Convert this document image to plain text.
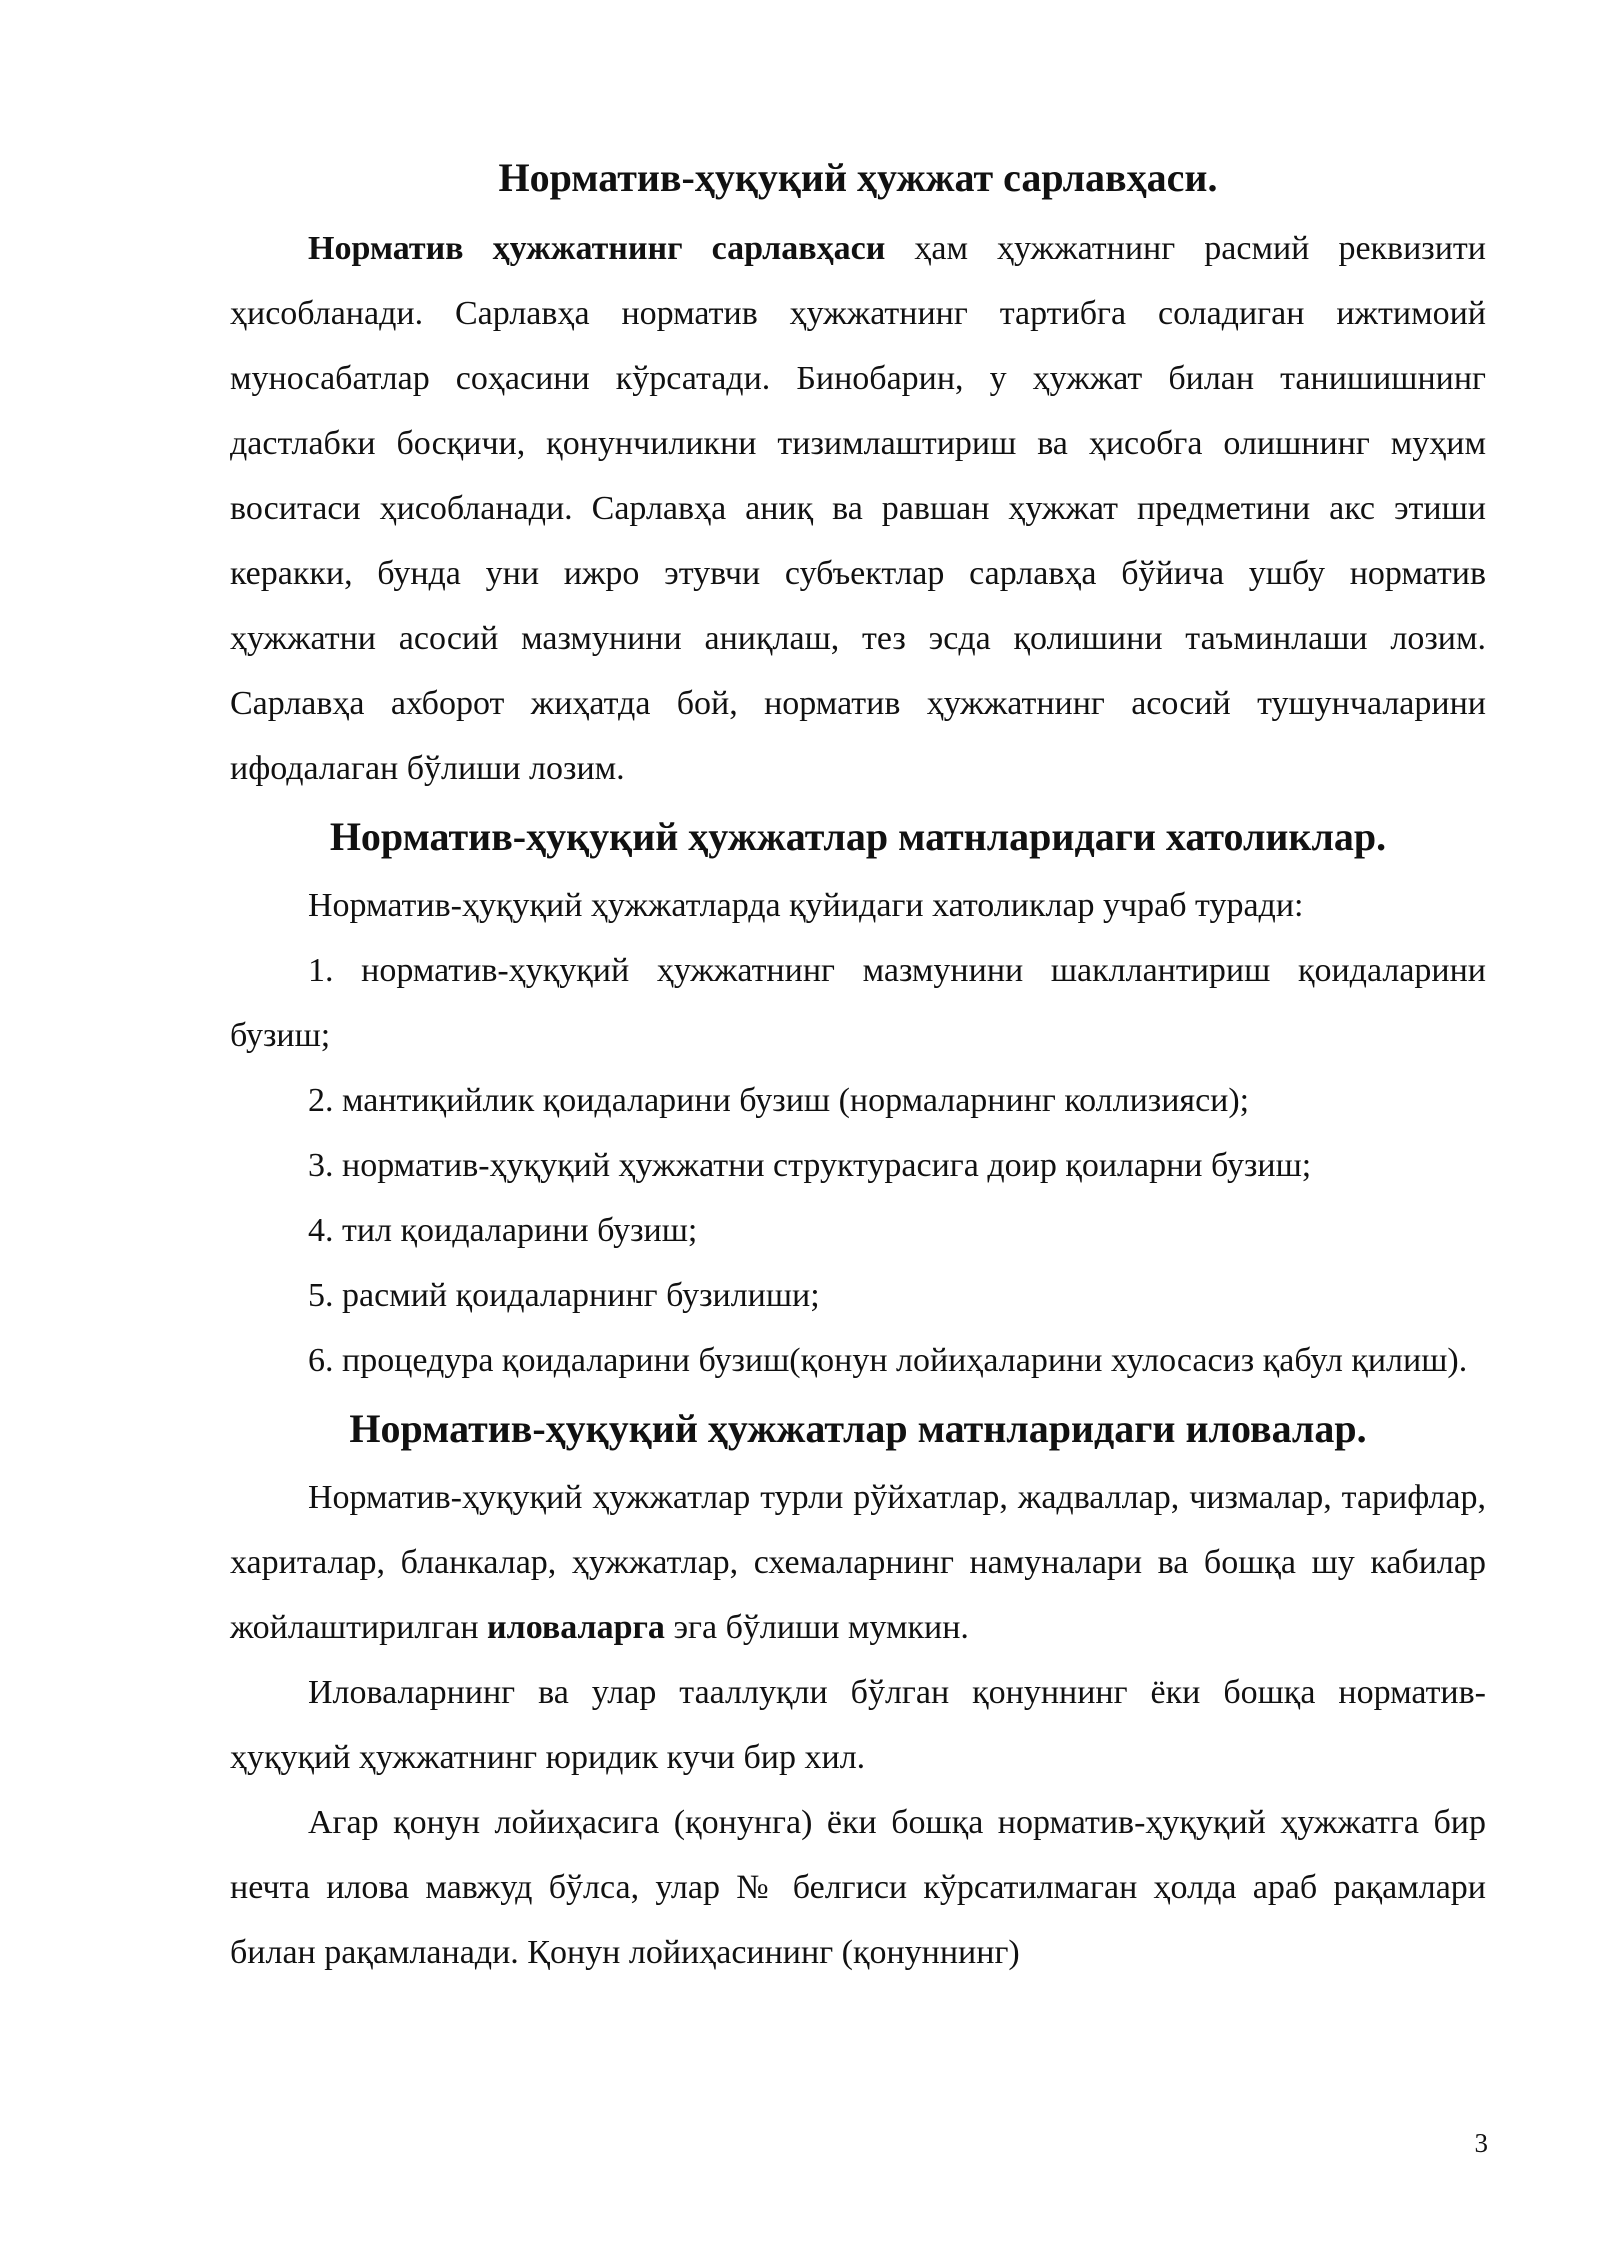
Норматив-ҳуқуқий ҳужжат сарлавҳаси.

Норматив ҳужжатнинг сарлавҳаси ҳам ҳужжатнинг расмий реквизити ҳисобланади. Сарлавҳа норматив ҳужжатнинг тартибга соладиган ижтимоий муносабатлар соҳасини кўрсатади. Бинобарин, у ҳужжат билан танишишнинг дастлабки босқичи, қонунчиликни тизимлаштириш ва ҳисобга олишнинг муҳим воситаси ҳисобланади. Сарлавҳа аниқ ва равшан ҳужжат предметини акс этиши керакки, бунда уни ижро этувчи субъектлар сарлавҳа бўйича ушбу норматив ҳужжатни асосий мазмунини аниқлаш, тез эсда қолишини таъминлаши лозим. Сарлавҳа ахборот жиҳатда бой, норматив ҳужжатнинг асосий тушунчаларини ифодалаган бўлиши лозим.

Норматив-ҳуқуқий ҳужжатлар матнларидаги хатоликлар.

Норматив-ҳуқуқий ҳужжатларда қуйидаги хатоликлар учраб туради:

1. норматив-ҳуқуқий ҳужжатнинг мазмунини шакллантириш қоидаларини бузиш;

2. мантиқийлик қоидаларини бузиш (нормаларнинг коллизияси);

3. норматив-ҳуқуқий ҳужжатни структурасига доир қоиларни бузиш;

4. тил қоидаларини бузиш;

5. расмий қоидаларнинг бузилиши;

6. процедура қоидаларини бузиш(қонун лойиҳаларини хулосасиз қабул қилиш).

Норматив-ҳуқуқий ҳужжатлар матнларидаги иловалар.

Норматив-ҳуқуқий ҳужжатлар турли рўйхатлар, жадваллар, чизмалар, тарифлар, хариталар, бланкалар, ҳужжатлар, схемаларнинг намуналари ва бошқа шу кабилар жойлаштирилган иловаларга эга бўлиши мумкин.

Иловаларнинг ва улар тааллуқли бўлган қонуннинг ёки бошқа норматив-ҳуқуқий ҳужжатнинг юридик кучи бир хил.

Агар қонун лойиҳасига (қонунга) ёки бошқа норматив-ҳуқуқий ҳужжатга бир нечта илова мавжуд бўлса, улар № белгиси кўрсатилмаган ҳолда араб рақамлари билан рақамланади. Қонун лойиҳасининг (қонуннинг)

3
